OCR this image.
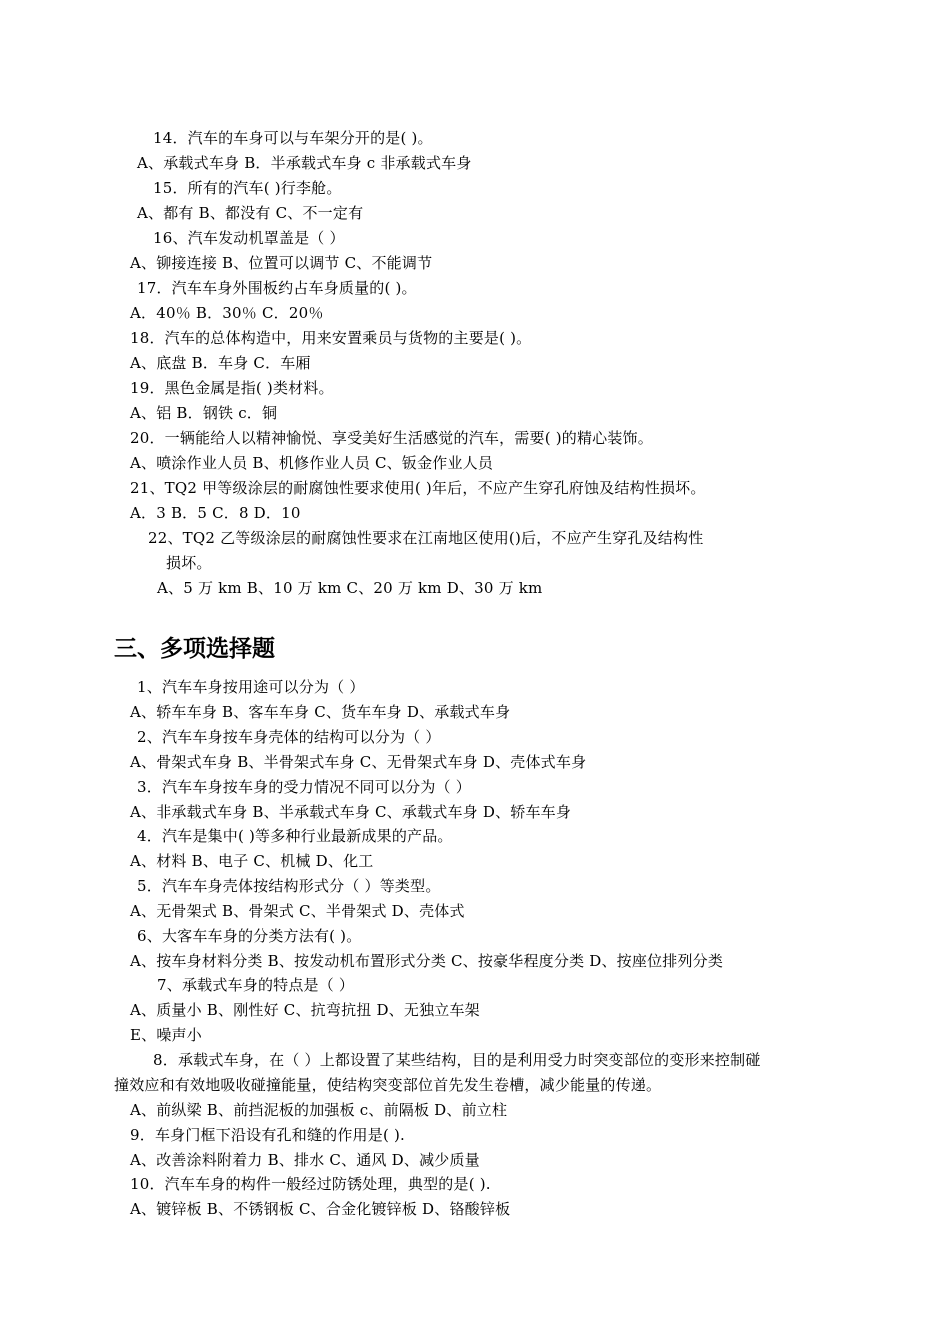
14．汽车的车身可以与车架分开的是( )。
A、承载式车身 B．半承载式车身 c 非承载式车身
15．所有的汽车( )行李舱。
A、都有 B、都没有 C、不一定有
16、汽车发动机罩盖是（ ）
A、铆接连接 B、位置可以调节 C、不能调节
17．汽车车身外围板约占车身质量的( )。
A．40％ B．30％ C．20％
18．汽车的总体构造中，用来安置乘员与货物的主要是( )。
A、底盘 B．车身 C．车厢
19．黑色金属是指( )类材料。
A、铝 B．钢铁 c．铜
20．一辆能给人以精神愉悦、享受美好生活感觉的汽车，需要( )的精心装饰。
A、喷涂作业人员 B、机修作业人员 C、钣金作业人员
21、TQ2 甲等级涂层的耐腐蚀性要求使用( )年后，不应产生穿孔府蚀及结构性损坏。
A．3 B．5 C．8 D．10
22、TQ2 乙等级涂层的耐腐蚀性要求在江南地区使用()后，不应产生穿孔及结构性
损坏。
A、5 万 km B、10 万 km C、20 万 km D、30 万 km
三、多项选择题
1、汽车车身按用途可以分为（ ）
A、轿车车身 B、客车车身 C、货车车身 D、承载式车身
2、汽车车身按车身壳体的结构可以分为（ ）
A、骨架式车身 B、半骨架式车身 C、无骨架式车身 D、壳体式车身
3．汽车车身按车身的受力情况不同可以分为（ ）
A、非承载式车身 B、半承载式车身 C、承载式车身 D、轿车车身
4．汽车是集中( )等多种行业最新成果的产品。
A、材料 B、电子 C、机械 D、化工
5．汽车车身壳体按结构形式分（ ）等类型。
A、无骨架式 B、骨架式 C、半骨架式 D、壳体式
6、大客车车身的分类方法有( )。
A、按车身材料分类 B、按发动机布置形式分类 C、按豪华程度分类 D、按座位排列分类
7、承载式车身的特点是（ ）
A、质量小 B、刚性好 C、抗弯抗扭 D、无独立车架
E、噪声小
8．承载式车身，在（ ）上都设置了某些结构，目的是利用受力时突变部位的变形来控制碰
撞效应和有效地吸收碰撞能量，使结构突变部位首先发生卷槽，减少能量的传递。
A、前纵梁 B、前挡泥板的加强板 c、前隔板 D、前立柱
9．车身门框下沿设有孔和缝的作用是( ).
A、改善涂料附着力 B、排水 C、通风 D、减少质量
10．汽车车身的构件一般经过防锈处理，典型的是( ).
A、镀锌板 B、不锈钢板 C、合金化镀锌板 D、铬酸锌板
